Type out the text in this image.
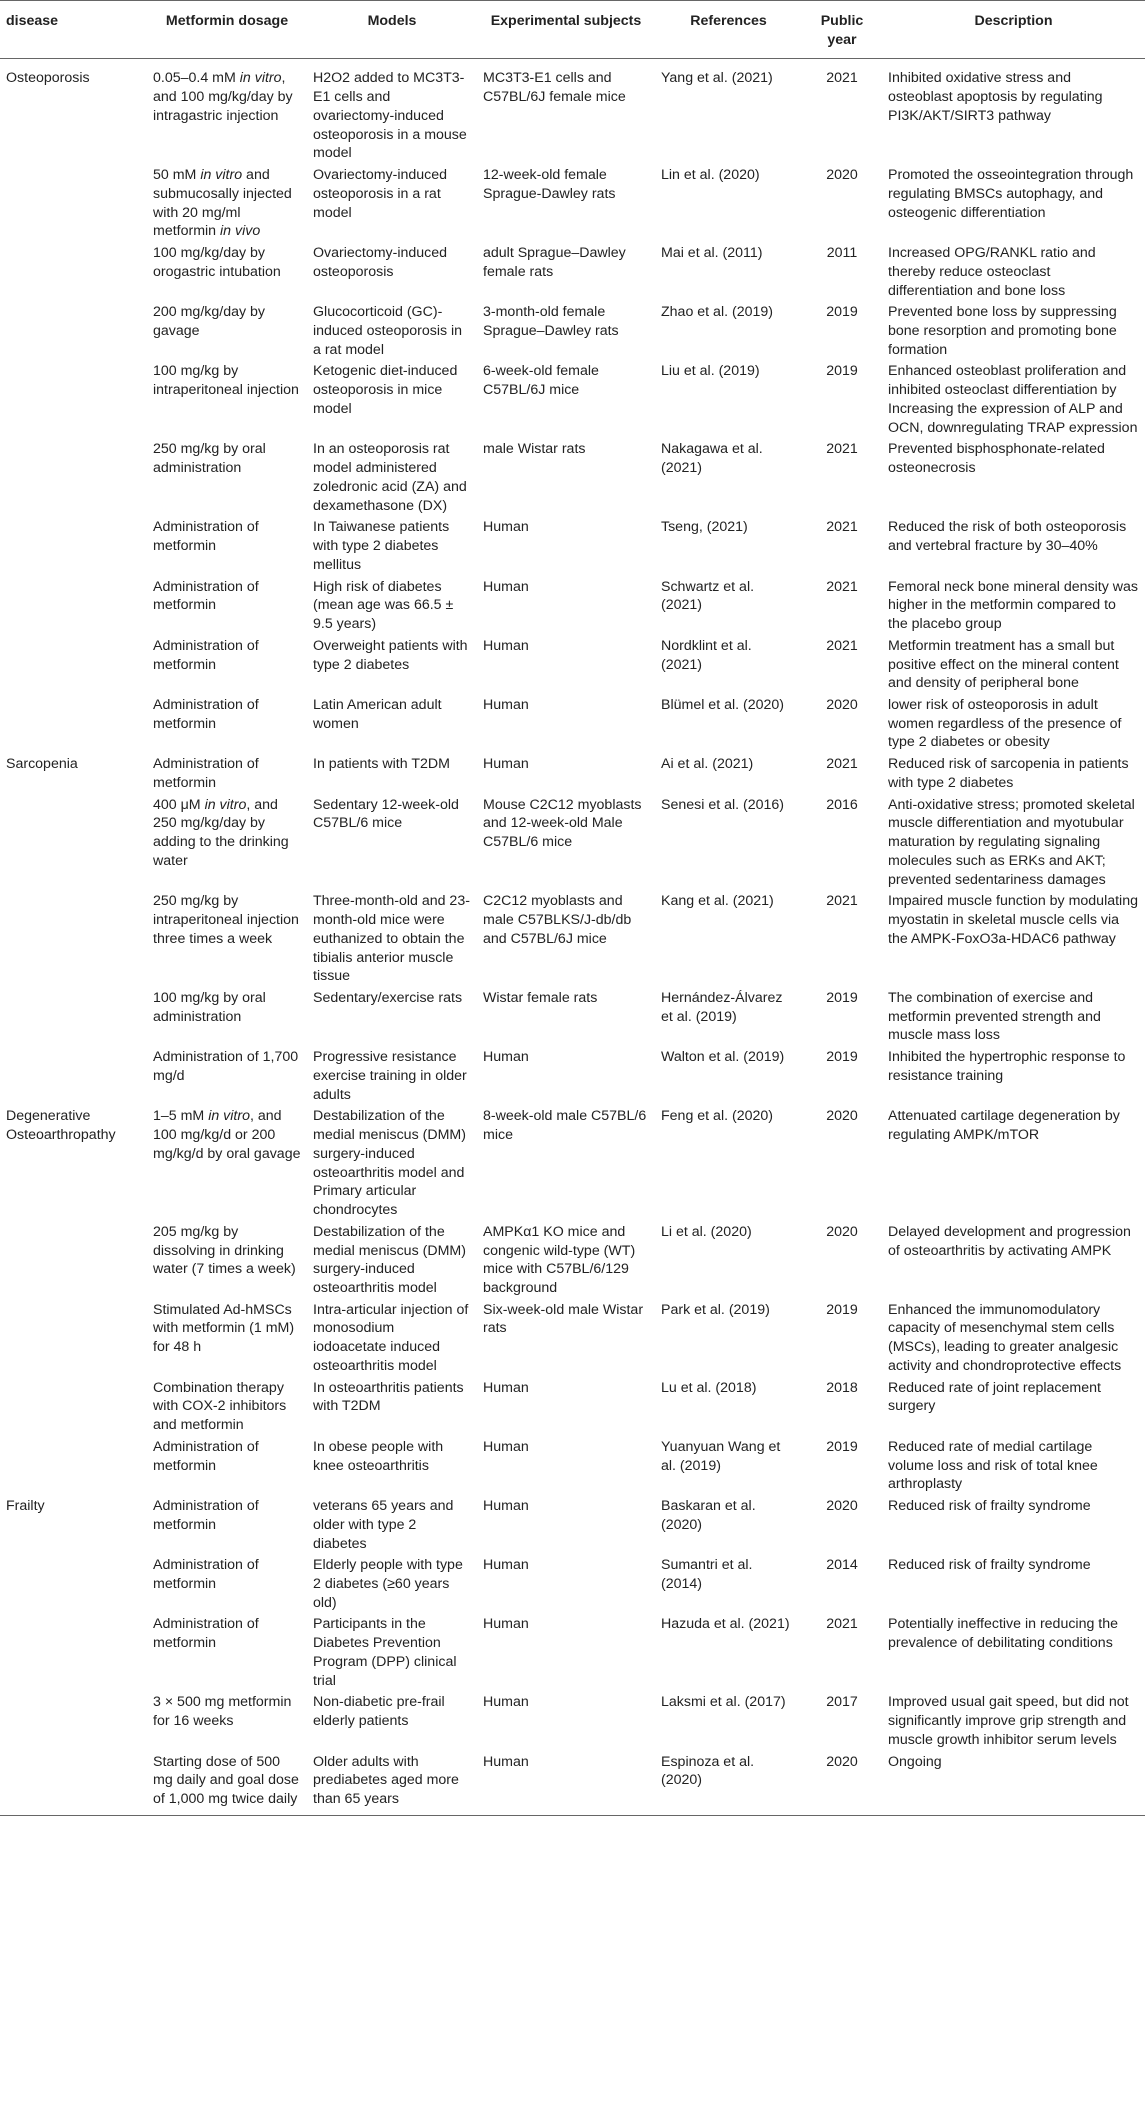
disease	Metformin dosage	Models	Experimental subjects	References	Public year	Description
Osteoporosis	0.05–0.4 mM in vitro, and 100 mg/kg/day by intragastric injection	H2O2 added to MC3T3-E1 cells and ovariectomy-induced osteoporosis in a mouse model	MC3T3-E1 cells and C57BL/6J female mice	Yang et al. (2021)	2021	Inhibited oxidative stress and osteoblast apoptosis by regulating PI3K/AKT/SIRT3 pathway
	50 mM in vitro and submucosally injected with 20 mg/ml metformin in vivo	Ovariectomy-induced osteoporosis in a rat model	12-week-old female Sprague-Dawley rats	Lin et al. (2020)	2020	Promoted the osseointegration through regulating BMSCs autophagy, and osteogenic differentiation
	100 mg/kg/day by orogastric intubation	Ovariectomy-induced osteoporosis	adult Sprague–Dawley female rats	Mai et al. (2011)	2011	Increased OPG/RANKL ratio and thereby reduce osteoclast differentiation and bone loss
	200 mg/kg/day by gavage	Glucocorticoid (GC)-induced osteoporosis in a rat model	3-month-old female Sprague–Dawley rats	Zhao et al. (2019)	2019	Prevented bone loss by suppressing bone resorption and promoting bone formation
	100 mg/kg by intraperitoneal injection	Ketogenic diet-induced osteoporosis in mice model	6-week-old female C57BL/6J mice	Liu et al. (2019)	2019	Enhanced osteoblast proliferation and inhibited osteoclast differentiation by Increasing the expression of ALP and OCN, downregulating TRAP expression
	250 mg/kg by oral administration	In an osteoporosis rat model administered zoledronic acid (ZA) and dexamethasone (DX)	male Wistar rats	Nakagawa et al. (2021)	2021	Prevented bisphosphonate-related osteonecrosis
	Administration of metformin	In Taiwanese patients with type 2 diabetes mellitus	Human	Tseng, (2021)	2021	Reduced the risk of both osteoporosis and vertebral fracture by 30–40%
	Administration of metformin	High risk of diabetes (mean age was 66.5 ± 9.5 years)	Human	Schwartz et al. (2021)	2021	Femoral neck bone mineral density was higher in the metformin compared to the placebo group
	Administration of metformin	Overweight patients with type 2 diabetes	Human	Nordklint et al. (2021)	2021	Metformin treatment has a small but positive effect on the mineral content and density of peripheral bone
	Administration of metformin	Latin American adult women	Human	Blümel et al. (2020)	2020	lower risk of osteoporosis in adult women regardless of the presence of type 2 diabetes or obesity
Sarcopenia	Administration of metformin	In patients with T2DM	Human	Ai et al. (2021)	2021	Reduced risk of sarcopenia in patients with type 2 diabetes
	400 μM in vitro, and 250 mg/kg/day by adding to the drinking water	Sedentary 12-week-old C57BL/6 mice	Mouse C2C12 myoblasts and 12-week-old Male C57BL/6 mice	Senesi et al. (2016)	2016	Anti-oxidative stress; promoted skeletal muscle differentiation and myotubular maturation by regulating signaling molecules such as ERKs and AKT; prevented sedentariness damages
	250 mg/kg by intraperitoneal injection three times a week	Three-month-old and 23-month-old mice were euthanized to obtain the tibialis anterior muscle tissue	C2C12 myoblasts and male C57BLKS/J-db/db and C57BL/6J mice	Kang et al. (2021)	2021	Impaired muscle function by modulating myostatin in skeletal muscle cells via the AMPK-FoxO3a-HDAC6 pathway
	100 mg/kg by oral administration	Sedentary/exercise rats	Wistar female rats	Hernández-Álvarez et al. (2019)	2019	The combination of exercise and metformin prevented strength and muscle mass loss
	Administration of 1,700 mg/d	Progressive resistance exercise training in older adults	Human	Walton et al. (2019)	2019	Inhibited the hypertrophic response to resistance training
Degenerative Osteoarthropathy	1–5 mM in vitro, and 100 mg/kg/d or 200 mg/kg/d by oral gavage	Destabilization of the medial meniscus (DMM) surgery-induced osteoarthritis model and Primary articular chondrocytes	8-week-old male C57BL/6 mice	Feng et al. (2020)	2020	Attenuated cartilage degeneration by regulating AMPK/mTOR
	205 mg/kg by dissolving in drinking water (7 times a week)	Destabilization of the medial meniscus (DMM) surgery-induced osteoarthritis model	AMPKα1 KO mice and congenic wild-type (WT) mice with C57BL/6/129 background	Li et al. (2020)	2020	Delayed development and progression of osteoarthritis by activating AMPK
	Stimulated Ad-hMSCs with metformin (1 mM) for 48 h	Intra-articular injection of monosodium iodoacetate induced osteoarthritis model	Six-week-old male Wistar rats	Park et al. (2019)	2019	Enhanced the immunomodulatory capacity of mesenchymal stem cells (MSCs), leading to greater analgesic activity and chondroprotective effects
	Combination therapy with COX-2 inhibitors and metformin	In osteoarthritis patients with T2DM	Human	Lu et al. (2018)	2018	Reduced rate of joint replacement surgery
	Administration of metformin	In obese people with knee osteoarthritis	Human	Yuanyuan Wang et al. (2019)	2019	Reduced rate of medial cartilage volume loss and risk of total knee arthroplasty
Frailty	Administration of metformin	veterans 65 years and older with type 2 diabetes	Human	Baskaran et al. (2020)	2020	Reduced risk of frailty syndrome
	Administration of metformin	Elderly people with type 2 diabetes (≥60 years old)	Human	Sumantri et al. (2014)	2014	Reduced risk of frailty syndrome
	Administration of metformin	Participants in the Diabetes Prevention Program (DPP) clinical trial	Human	Hazuda et al. (2021)	2021	Potentially ineffective in reducing the prevalence of debilitating conditions
	3 × 500 mg metformin for 16 weeks	Non-diabetic pre-frail elderly patients	Human	Laksmi et al. (2017)	2017	Improved usual gait speed, but did not significantly improve grip strength and muscle growth inhibitor serum levels
	Starting dose of 500 mg daily and goal dose of 1,000 mg twice daily	Older adults with prediabetes aged more than 65 years	Human	Espinoza et al. (2020)	2020	Ongoing
